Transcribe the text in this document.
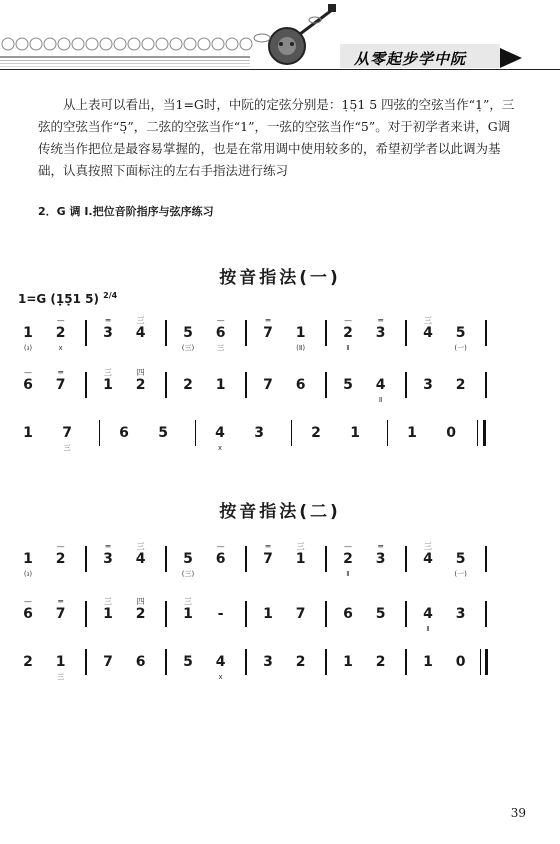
从零起步学中阮

从上表可以看出，当1=G时，中阮的定弦分别是：1̣5̣1 5 四弦的空弦当作“1̣”，三弦的空弦当作“5̣”，二弦的空弦当作“1”，一弦的空弦当作“5”。对于初学者来讲，G调传统当作把位是最容易掌握的，也是在常用调中使用较多的，希望初学者以此调为基础，认真按照下面标注的左右手指法进行练习

2．G 调 I.把位音阶指序与弦序练习
按音指法(一)
1=G (1̣5̣1 5) $^{2/4}$
1
(₃)
—
2
x
═
3
三
4	5
(三)
—
6
三
═
7	1
(Ⅱ)
—
2
Ⅱ
═
3
三
4	5
(一)
—
6
═
7
三
1
四
2	2	1	7	6	5	4
Ⅱ
3	2
1	7
三
6	5	4
x
3	2	1	1	0
按音指法(二)
1
(₃)
—
2
═
3
三
4	5
(三)
—
6
═
7
三
1
—
2
Ⅱ
═
3
三
4	5
(一)
—
6
═
7
三
1
四
2
三
1	-	1	7	6	5	4
Ⅱ
3
2	1
三
7	6	5	4
x
3	2	1	2	1	0
39
